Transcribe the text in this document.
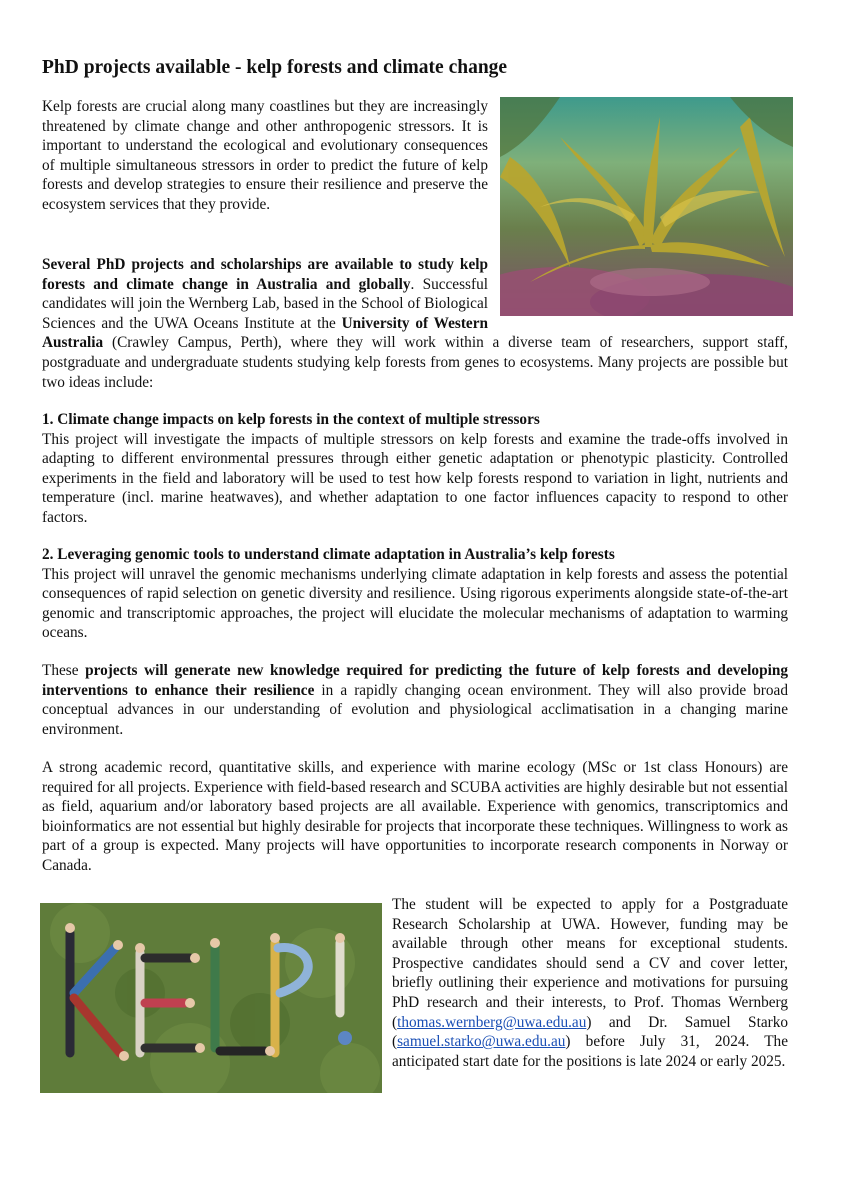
PhD projects available - kelp forests and climate change

Kelp forests are crucial along many coastlines but they are increasingly threatened by climate change and other anthropogenic stressors. It is important to understand the ecological and evolutionary consequences of multiple simultaneous stressors in order to predict the future of kelp forests and develop strategies to ensure their resilience and preserve the ecosystem services that they provide.

Several PhD projects and scholarships are available to study kelp forests and climate change in Australia and globally. Successful candidates will join the Wernberg Lab, based in the School of Biological Sciences and the UWA Oceans Institute at the University of Western Australia (Crawley Campus, Perth), where they will work within a diverse team of researchers, support staff, postgraduate and undergraduate students studying kelp forests from genes to ecosystems. Many projects are possible but two ideas include:

1. Climate change impacts on kelp forests in the context of multiple stressors
This project will investigate the impacts of multiple stressors on kelp forests and examine the trade-offs involved in adapting to different environmental pressures through either genetic adaptation or phenotypic plasticity. Controlled experiments in the field and laboratory will be used to test how kelp forests respond to variation in light, nutrients and temperature (incl. marine heatwaves), and whether adaptation to one factor influences capacity to respond to other factors.

2. Leveraging genomic tools to understand climate adaptation in Australia’s kelp forests
This project will unravel the genomic mechanisms underlying climate adaptation in kelp forests and assess the potential consequences of rapid selection on genetic diversity and resilience. Using rigorous experiments alongside state-of-the-art genomic and transcriptomic approaches, the project will elucidate the molecular mechanisms of adaptation to warming oceans.

These projects will generate new knowledge required for predicting the future of kelp forests and developing interventions to enhance their resilience in a rapidly changing ocean environment. They will also provide broad conceptual advances in our understanding of evolution and physiological acclimatisation in a changing marine environment.

A strong academic record, quantitative skills, and experience with marine ecology (MSc or 1st class Honours) are required for all projects. Experience with field-based research and SCUBA activities are highly desirable but not essential as field, aquarium and/or laboratory based projects are all available. Experience with genomics, transcriptomics and bioinformatics are not essential but highly desirable for projects that incorporate these techniques. Willingness to work as part of a group is expected. Many projects will have opportunities to incorporate research components in Norway or Canada.

The student will be expected to apply for a Postgraduate Research Scholarship at UWA. However, funding may be available through other means for exceptional students. Prospective candidates should send a CV and cover letter, briefly outlining their experience and motivations for pursuing PhD research and their interests, to Prof. Thomas Wernberg (thomas.wernberg@uwa.edu.au) and Dr. Samuel Starko (samuel.starko@uwa.edu.au) before July 31, 2024. The anticipated start date for the positions is late 2024 or early 2025.
